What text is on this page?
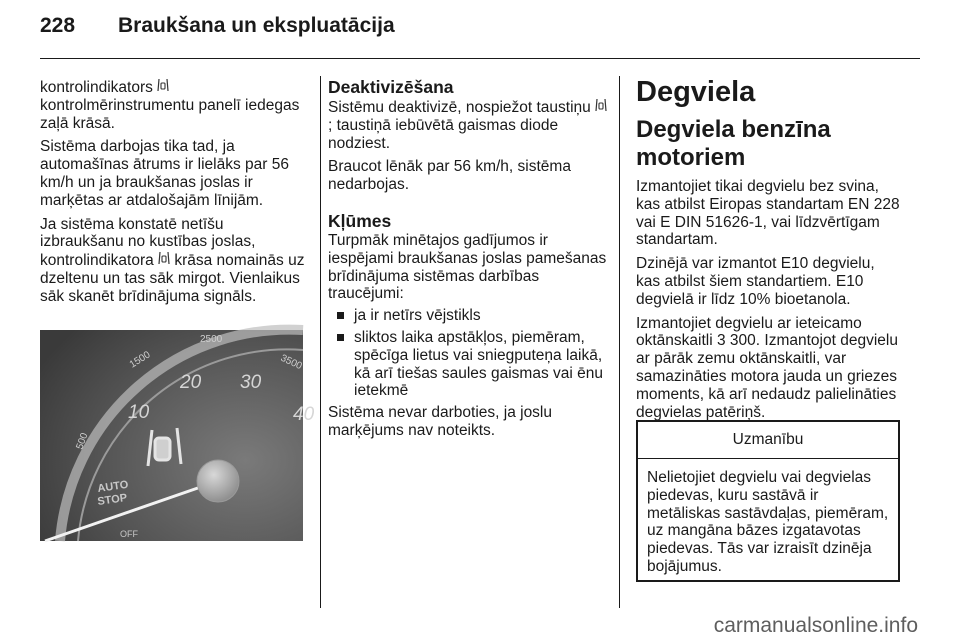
228 Braukšana un ekspluatācija

kontrolindikators  kontrolmērinstrumentu panelī iedegas zaļā krāsā.

Sistēma darbojas tika tad, ja automašīnas ātrums ir lielāks par 56 km/h un ja braukšanas joslas ir marķētas ar atdalošajām līnijām.

Ja sistēma konstatē netīšu izbraukšanu no kustības joslas, kontrolindikatora  krāsa nomainās uz dzeltenu un tas sāk mirgot. Vienlaikus sāk skanēt brīdinājuma signāls.

500
1500
2500
3500
10
20 30
40
AUTO
STOP
OFF
Deaktivizēšana

Sistēmu deaktivizē, nospiežot taustiņu ; taustiņā iebūvētā gaismas diode nodziest.

Braucot lēnāk par 56 km/h, sistēma nedarbojas.

Kļūmes

Turpmāk minētajos gadījumos ir iespējami braukšanas joslas pamešanas brīdinājuma sistēmas darbības traucējumi:

ja ir netīrs vējstikls
sliktos laika apstākļos, piemēram, spēcīga lietus vai sniegputeņa laikā, kā arī tiešas saules gaismas vai ēnu ietekmē

Sistēma nevar darboties, ja joslu marķējums nav noteikts.

Degviela
Degviela benzīna motoriem

Izmantojiet tikai degvielu bez svina, kas atbilst Eiropas standartam EN 228 vai E DIN 51626-1, vai līdzvērtīgam standartam.

Dzinējā var izmantot E10 degvielu, kas atbilst šiem standartiem. E10 degvielā ir līdz 10% bioetanola.

Izmantojiet degvielu ar ieteicamo oktānskaitli 3 300. Izmantojot degvielu ar pārāk zemu oktānskaitli, var samazināties motora jauda un griezes moments, kā arī nedaudz palielināties degvielas patēriņš.

Uzmanību
Nelietojiet degvielu vai degvielas piedevas, kuru sastāvā ir metāliskas sastāvdaļas, piemēram, uz mangāna bāzes izgatavotas piedevas. Tās var izraisīt dzinēja bojājumus.
carmanualsonline.info
